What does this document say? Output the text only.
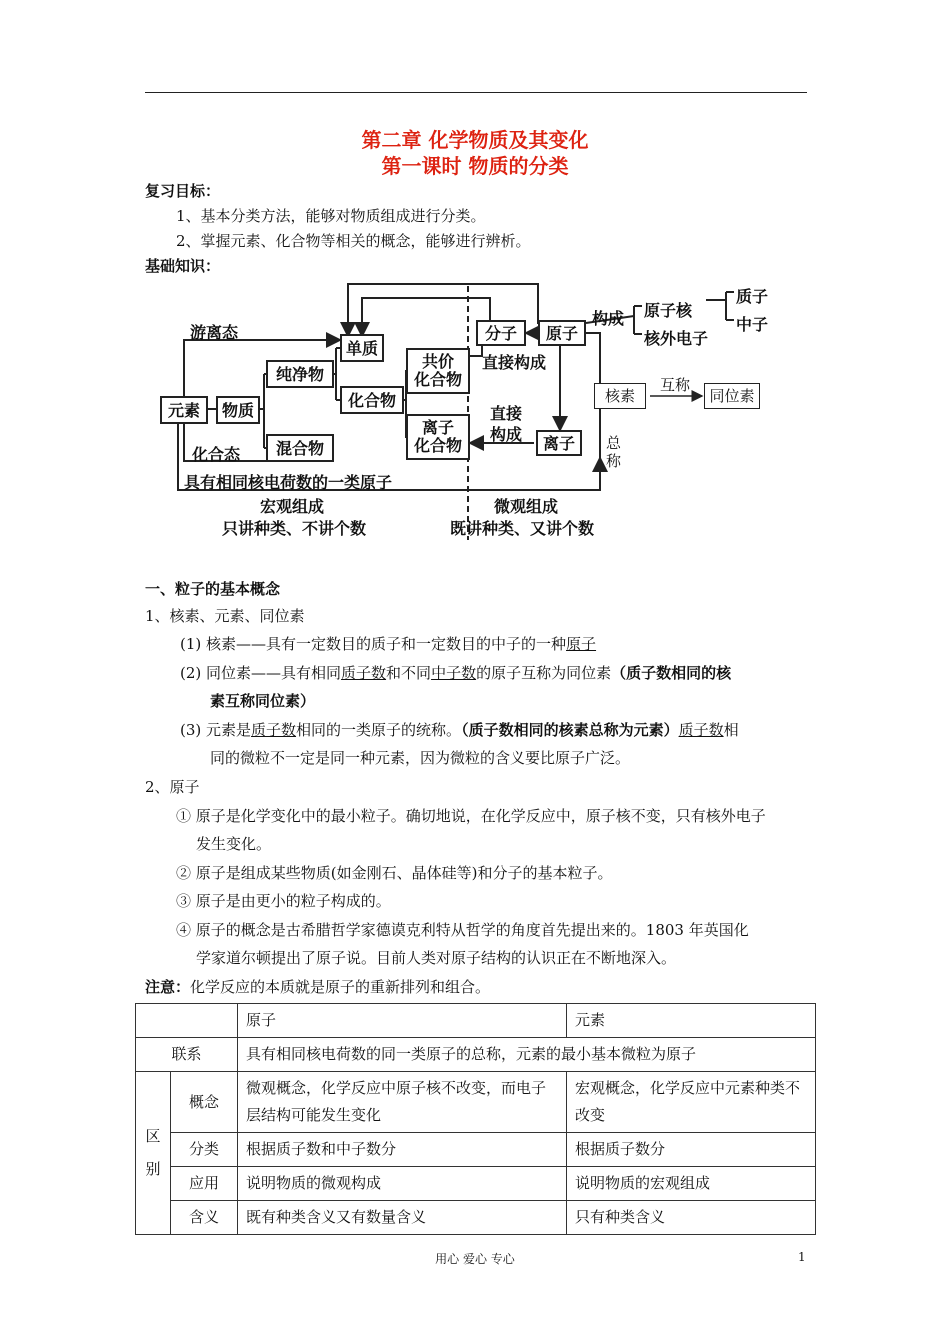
第二章 化学物质及其变化
第一课时 物质的分类
复习目标：
1、基本分类方法，能够对物质组成进行分类。
2、掌握元素、化合物等相关的概念，能够进行辨析。
基础知识：
元素	物质
纯净物
混合物
单质
化合物
共价
化合物
离子
化合物
分子	原子
离子
游离态
化合态
直接构成
直接
构成
具有相同核电荷数的一类原子
构成 原子核
核外电子
质子
中子
核素
互称
同位素
总
称
宏观组成
只讲种类、不讲个数
微观组成
既讲种类、又讲个数
一、粒子的基本概念
1、核素、元素、同位素
(1) 核素——具有一定数目的质子和一定数目的中子的一种原子
(2) 同位素——具有相同质子数和不同中子数的原子互称为同位素（质子数相同的核
素互称同位素）
(3) 元素是质子数相同的一类原子的统称。（质子数相同的核素总称为元素）质子数相
同的微粒不一定是同一种元素，因为微粒的含义要比原子广泛。
2、原子
① 原子是化学变化中的最小粒子。确切地说，在化学反应中，原子核不变，只有核外电子
发生变化。
② 原子是组成某些物质(如金刚石、晶体硅等)和分子的基本粒子。
③ 原子是由更小的粒子构成的。
④ 原子的概念是古希腊哲学家德谟克利特从哲学的角度首先提出来的。1803 年英国化
学家道尔顿提出了原子说。目前人类对原子结构的认识正在不断地深入。
注意：化学反应的本质就是原子的重新排列和组合。
		原子	元素
联系		具有相同核电荷数的同一类原子的总称，元素的最小基本微粒为原子	
区
别	概念	微观概念，化学反应中原子核不改变，而电子层结构可能发生变化	宏观概念，化学反应中元素种类不改变
	分类	根据质子数和中子数分	根据质子数分
	应用	说明物质的微观构成	说明物质的宏观组成
	含义	既有种类含义又有数量含义	只有种类含义
用心 爱心 专心	1
